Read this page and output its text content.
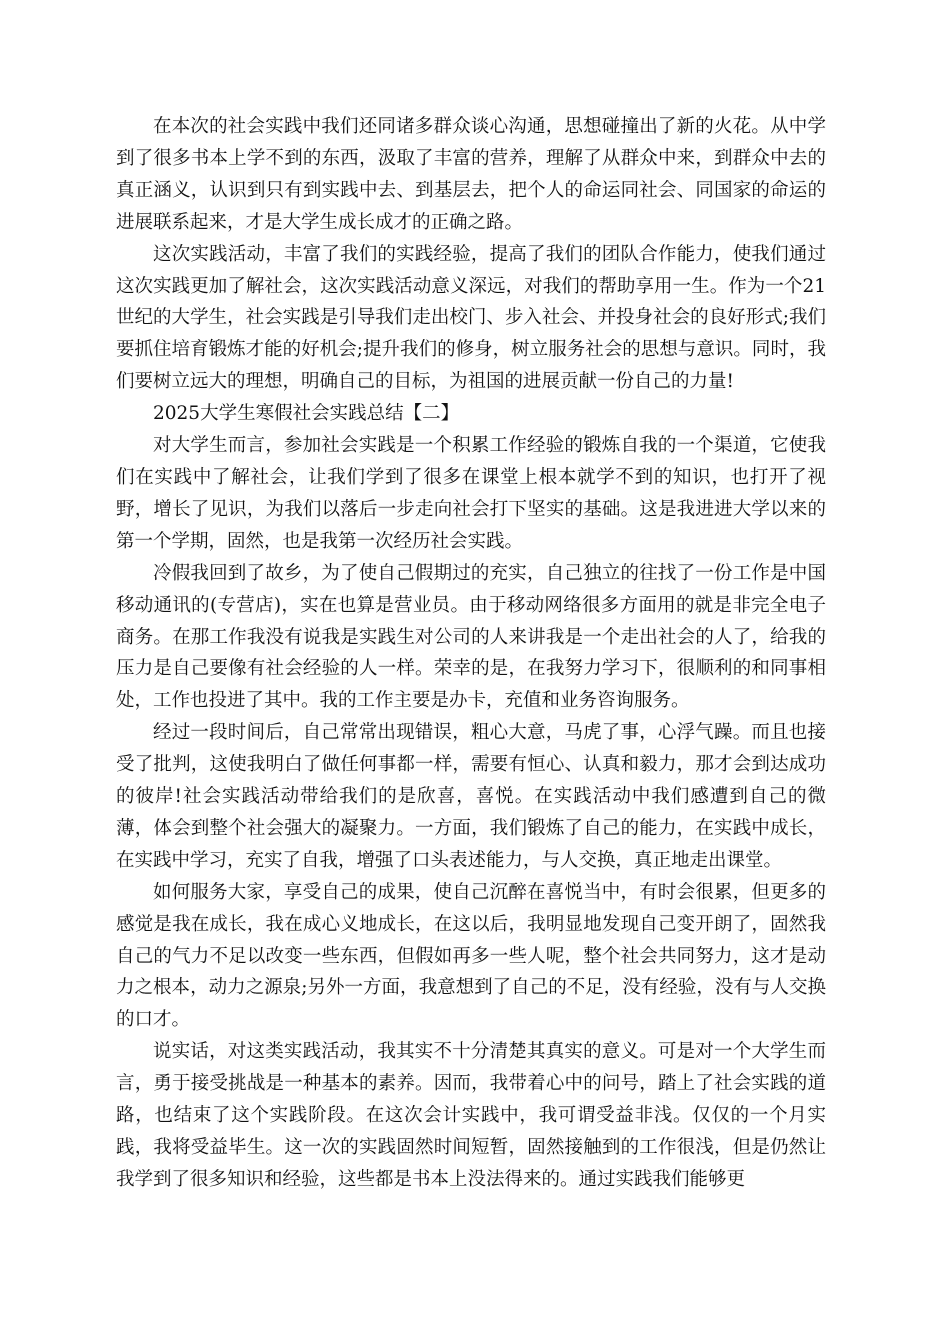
在本次的社会实践中我们还同诸多群众谈心沟通，思想碰撞出了新的火花。从中学到了很多书本上学不到的东西，汲取了丰富的营养，理解了从群众中来，到群众中去的真正涵义，认识到只有到实践中去、到基层去，把个人的命运同社会、同国家的命运的进展联系起来，才是大学生成长成才的正确之路。

这次实践活动，丰富了我们的实践经验，提高了我们的团队合作能力，使我们通过这次实践更加了解社会，这次实践活动意义深远，对我们的帮助享用一生。作为一个21世纪的大学生，社会实践是引导我们走出校门、步入社会、并投身社会的良好形式;我们要抓住培育锻炼才能的好机会;提升我们的修身，树立服务社会的思想与意识。同时，我们要树立远大的理想，明确自己的目标，为祖国的进展贡献一份自己的力量!

2025大学生寒假社会实践总结【二】

对大学生而言，参加社会实践是一个积累工作经验的锻炼自我的一个渠道，它使我们在实践中了解社会，让我们学到了很多在课堂上根本就学不到的知识，也打开了视野，增长了见识，为我们以落后一步走向社会打下坚实的基础。这是我进进大学以来的第一个学期，固然，也是我第一次经历社会实践。

冷假我回到了故乡，为了使自己假期过的充实，自己独立的往找了一份工作是中国移动通讯的(专营店)，实在也算是营业员。由于移动网络很多方面用的就是非完全电子商务。在那工作我没有说我是实践生对公司的人来讲我是一个走出社会的人了，给我的压力是自己要像有社会经验的人一样。荣幸的是，在我努力学习下，很顺利的和同事相处，工作也投进了其中。我的工作主要是办卡，充值和业务咨询服务。

经过一段时间后，自己常常出现错误，粗心大意，马虎了事，心浮气躁。而且也接受了批判，这使我明白了做任何事都一样，需要有恒心、认真和毅力，那才会到达成功的彼岸!社会实践活动带给我们的是欣喜，喜悦。在实践活动中我们感遭到自己的微薄，体会到整个社会强大的凝聚力。一方面，我们锻炼了自己的能力，在实践中成长，在实践中学习，充实了自我，增强了口头表述能力，与人交换，真正地走出课堂。

如何服务大家，享受自己的成果，使自己沉醉在喜悦当中，有时会很累，但更多的感觉是我在成长，我在成心义地成长，在这以后，我明显地发现自己变开朗了，固然我自己的气力不足以改变一些东西，但假如再多一些人呢，整个社会共同努力，这才是动力之根本，动力之源泉;另外一方面，我意想到了自己的不足，没有经验，没有与人交换的口才。

说实话，对这类实践活动，我其实不十分清楚其真实的意义。可是对一个大学生而言，勇于接受挑战是一种基本的素养。因而，我带着心中的问号，踏上了社会实践的道路，也结束了这个实践阶段。在这次会计实践中，我可谓受益非浅。仅仅的一个月实践，我将受益毕生。这一次的实践固然时间短暂，固然接触到的工作很浅，但是仍然让我学到了很多知识和经验，这些都是书本上没法得来的。通过实践我们能够更
